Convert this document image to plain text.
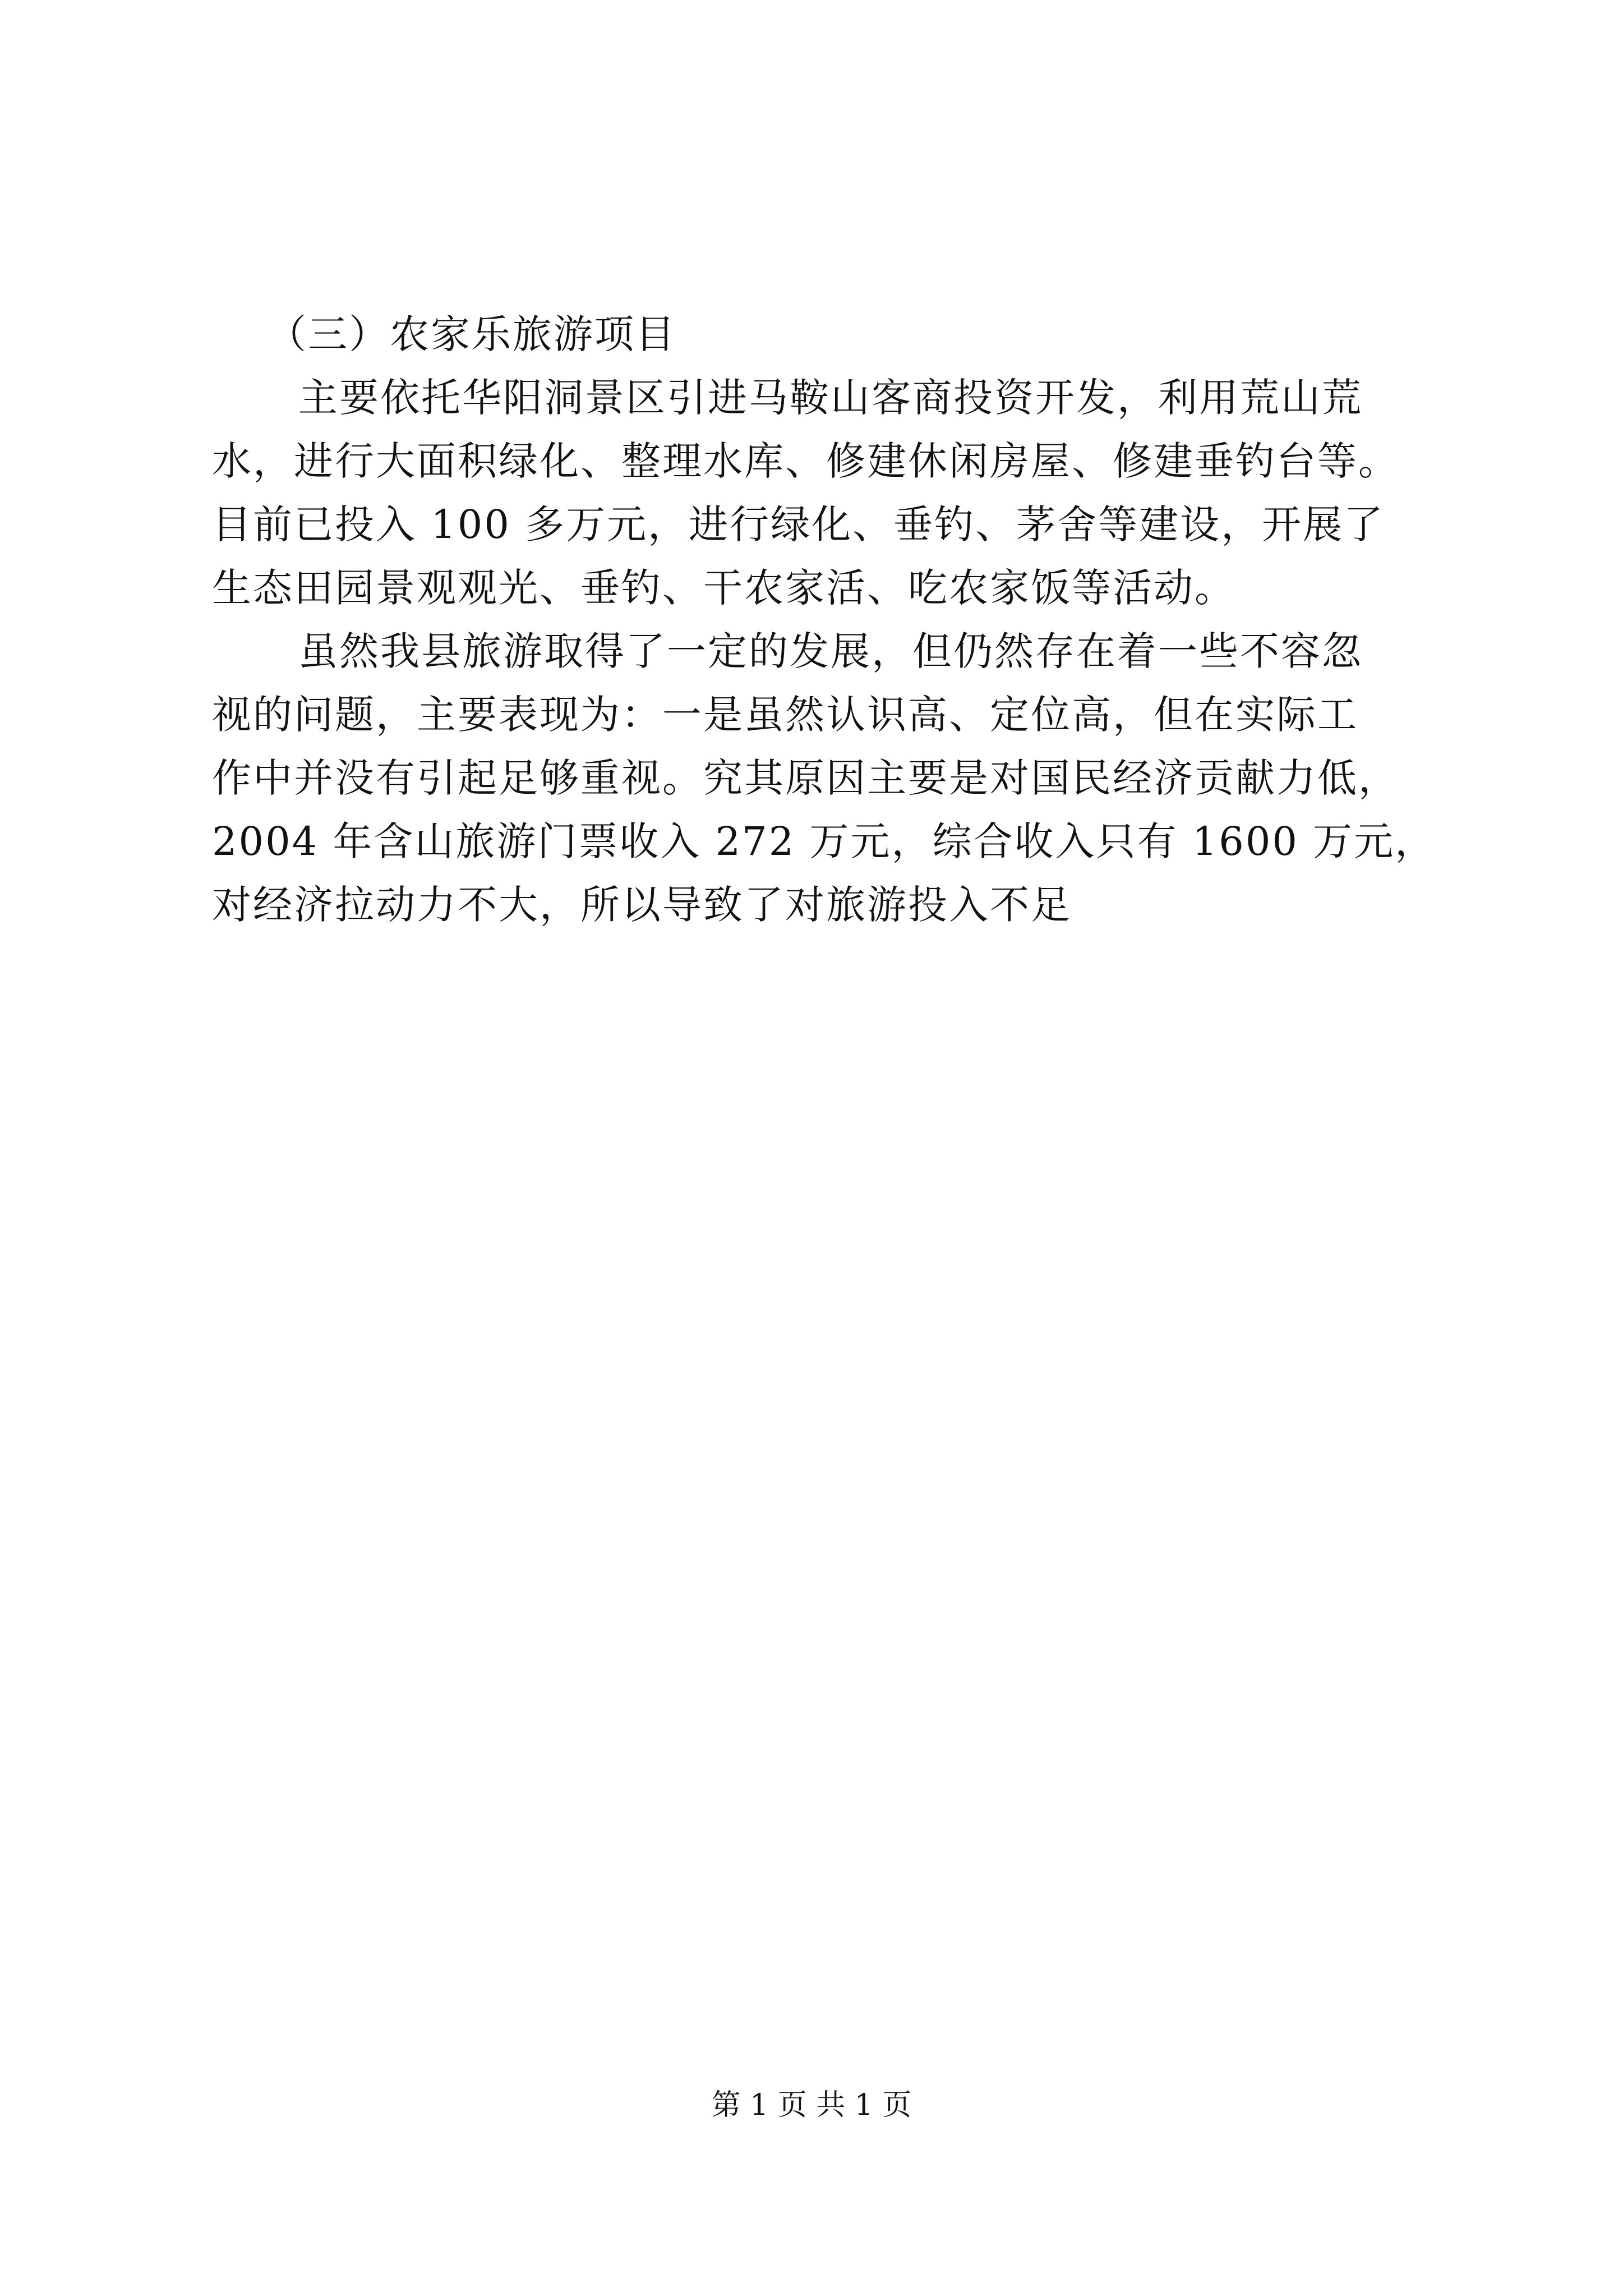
（三）农家乐旅游项目
主要依托华阳洞景区引进马鞍山客商投资开发，利用荒山荒
水，进行大面积绿化、整理水库、修建休闲房屋、修建垂钓台等。
目前已投入 100 多万元，进行绿化、垂钓、茅舍等建设，开展了
生态田园景观观光、垂钓、干农家活、吃农家饭等活动。
虽然我县旅游取得了一定的发展，但仍然存在着一些不容忽
视的问题，主要表现为：一是虽然认识高、定位高，但在实际工
作中并没有引起足够重视。究其原因主要是对国民经济贡献力低，
2004 年含山旅游门票收入 272 万元，综合收入只有 1600 万元，
对经济拉动力不大，所以导致了对旅游投入不足
第 1 页 共 1 页
